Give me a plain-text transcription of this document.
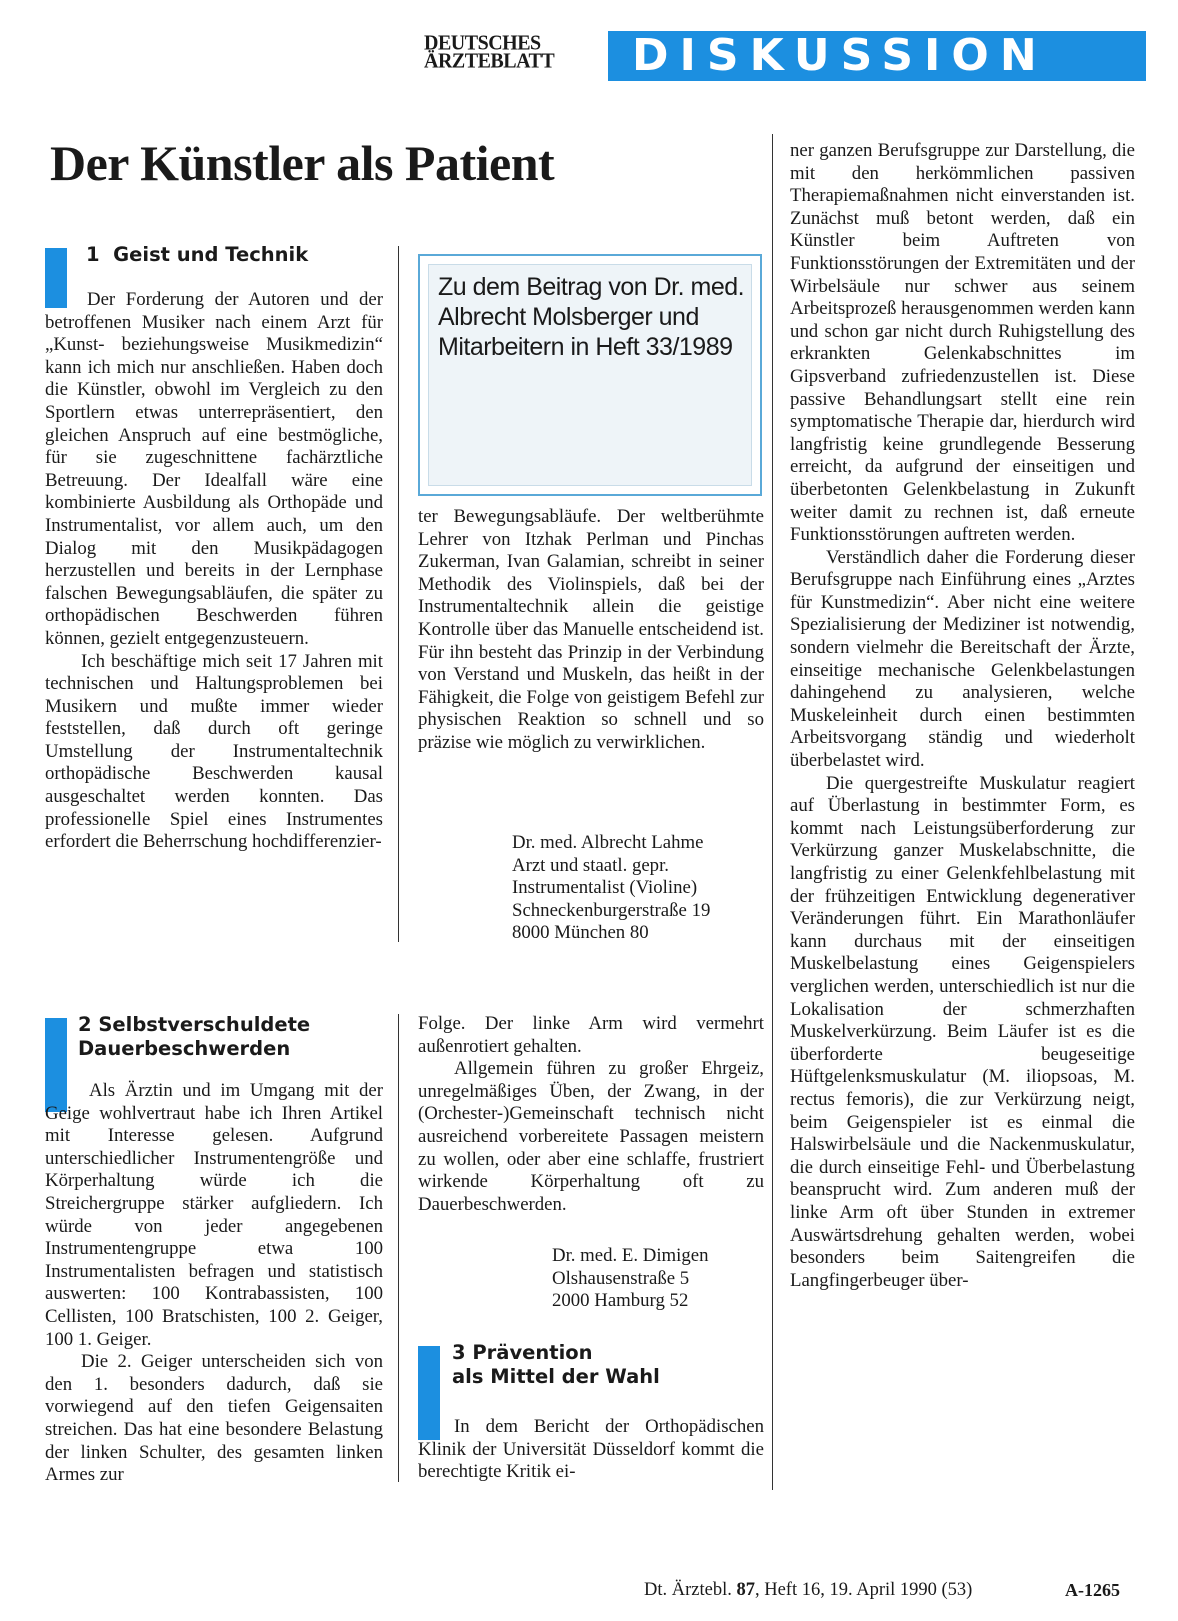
DEUTSCHES
ÄRZTEBLATT	DISKUSSION
Der Künstler als Patient
1 Geist und Technik

Der Forderung der Autoren und der betroffenen Musiker nach einem Arzt für „Kunst- beziehungsweise Musikmedizin“ kann ich mich nur anschließen. Haben doch die Künstler, obwohl im Vergleich zu den Sportlern etwas unterrepräsentiert, den gleichen Anspruch auf eine bestmögliche, für sie zugeschnittene fachärztliche Betreuung. Der Idealfall wäre eine kombinierte Ausbildung als Orthopäde und Instrumentalist, vor allem auch, um den Dialog mit den Musikpädagogen herzustellen und bereits in der Lernphase falschen Bewegungsabläufen, die später zu orthopädischen Beschwerden führen können, gezielt entgegenzusteuern.

Ich beschäftige mich seit 17 Jahren mit technischen und Haltungsproblemen bei Musikern und mußte immer wieder feststellen, daß durch oft geringe Umstellung der Instrumentaltechnik orthopädische Beschwerden kausal ausgeschaltet werden konnten. Das professionelle Spiel eines Instrumentes erfordert die Beherrschung hochdifferenzier-

Zu dem Beitrag von Dr. med. Albrecht Molsberger und Mitarbeitern in Heft 33/1989

ter Bewegungsabläufe. Der weltberühmte Lehrer von Itzhak Perlman und Pinchas Zukerman, Ivan Galamian, schreibt in seiner Methodik des Violinspiels, daß bei der Instrumentaltechnik allein die geistige Kontrolle über das Manuelle entscheidend ist. Für ihn besteht das Prinzip in der Verbindung von Verstand und Muskeln, das heißt in der Fähigkeit, die Folge von geistigem Befehl zur physischen Reaktion so schnell und so präzise wie möglich zu verwirklichen.

Dr. med. Albrecht Lahme
Arzt und staatl. gepr.
Instrumentalist (Violine)
Schneckenburgerstraße 19
8000 München 80
2 Selbstverschuldete
Dauerbeschwerden

Als Ärztin und im Umgang mit der Geige wohlvertraut habe ich Ihren Artikel mit Interesse gelesen. Aufgrund unterschiedlicher Instrumentengröße und Körperhaltung würde ich die Streichergruppe stärker aufgliedern. Ich würde von jeder angegebenen Instrumentengruppe etwa 100 Instrumentalisten befragen und statistisch auswerten: 100 Kontrabassisten, 100 Cellisten, 100 Bratschisten, 100 2. Geiger, 100 1. Geiger.

Die 2. Geiger unterscheiden sich von den 1. besonders dadurch, daß sie vorwiegend auf den tiefen Geigensaiten streichen. Das hat eine besondere Belastung der linken Schulter, des gesamten linken Armes zur

Folge. Der linke Arm wird vermehrt außenrotiert gehalten.

Allgemein führen zu großer Ehrgeiz, unregelmäßiges Üben, der Zwang, in der (Orchester-)Gemeinschaft technisch nicht ausreichend vorbereitete Passagen meistern zu wollen, oder aber eine schlaffe, frustriert wirkende Körperhaltung oft zu Dauerbeschwerden.

Dr. med. E. Dimigen
Olshausenstraße 5
2000 Hamburg 52
3 Prävention
als Mittel der Wahl

In dem Bericht der Orthopädischen Klinik der Universität Düsseldorf kommt die berechtigte Kritik ei-

ner ganzen Berufsgruppe zur Darstellung, die mit den herkömmlichen passiven Therapiemaßnahmen nicht einverstanden ist. Zunächst muß betont werden, daß ein Künstler beim Auftreten von Funktionsstörungen der Extremitäten und der Wirbelsäule nur schwer aus seinem Arbeitsprozeß herausgenommen werden kann und schon gar nicht durch Ruhigstellung des erkrankten Gelenkabschnittes im Gipsverband zufriedenzustellen ist. Diese passive Behandlungsart stellt eine rein symptomatische Therapie dar, hierdurch wird langfristig keine grundlegende Besserung erreicht, da aufgrund der einseitigen und überbetonten Gelenkbelastung in Zukunft weiter damit zu rechnen ist, daß erneute Funktionsstörungen auftreten werden.

Verständlich daher die Forderung dieser Berufsgruppe nach Einführung eines „Arztes für Kunstmedizin“. Aber nicht eine weitere Spezialisierung der Mediziner ist notwendig, sondern vielmehr die Bereitschaft der Ärzte, einseitige mechanische Gelenkbelastungen dahingehend zu analysieren, welche Muskeleinheit durch einen bestimmten Arbeitsvorgang ständig und wiederholt überbelastet wird.

Die quergestreifte Muskulatur reagiert auf Überlastung in bestimmter Form, es kommt nach Leistungsüberforderung zur Verkürzung ganzer Muskelabschnitte, die langfristig zu einer Gelenkfehlbelastung mit der frühzeitigen Entwicklung degenerativer Veränderungen führt. Ein Marathonläufer kann durchaus mit der einseitigen Muskelbelastung eines Geigenspielers verglichen werden, unterschiedlich ist nur die Lokalisation der schmerzhaften Muskelverkürzung. Beim Läufer ist es die überforderte beugeseitige Hüftgelenksmuskulatur (M. iliopsoas, M. rectus femoris), die zur Verkürzung neigt, beim Geigenspieler ist es einmal die Halswirbelsäule und die Nackenmuskulatur, die durch einseitige Fehl- und Überbelastung beansprucht wird. Zum anderen muß der linke Arm oft über Stunden in extremer Auswärtsdrehung gehalten werden, wobei besonders beim Saitengreifen die Langfingerbeuger über-

Dt. Ärztebl. 87, Heft 16, 19. April 1990 (53)	A-1265
